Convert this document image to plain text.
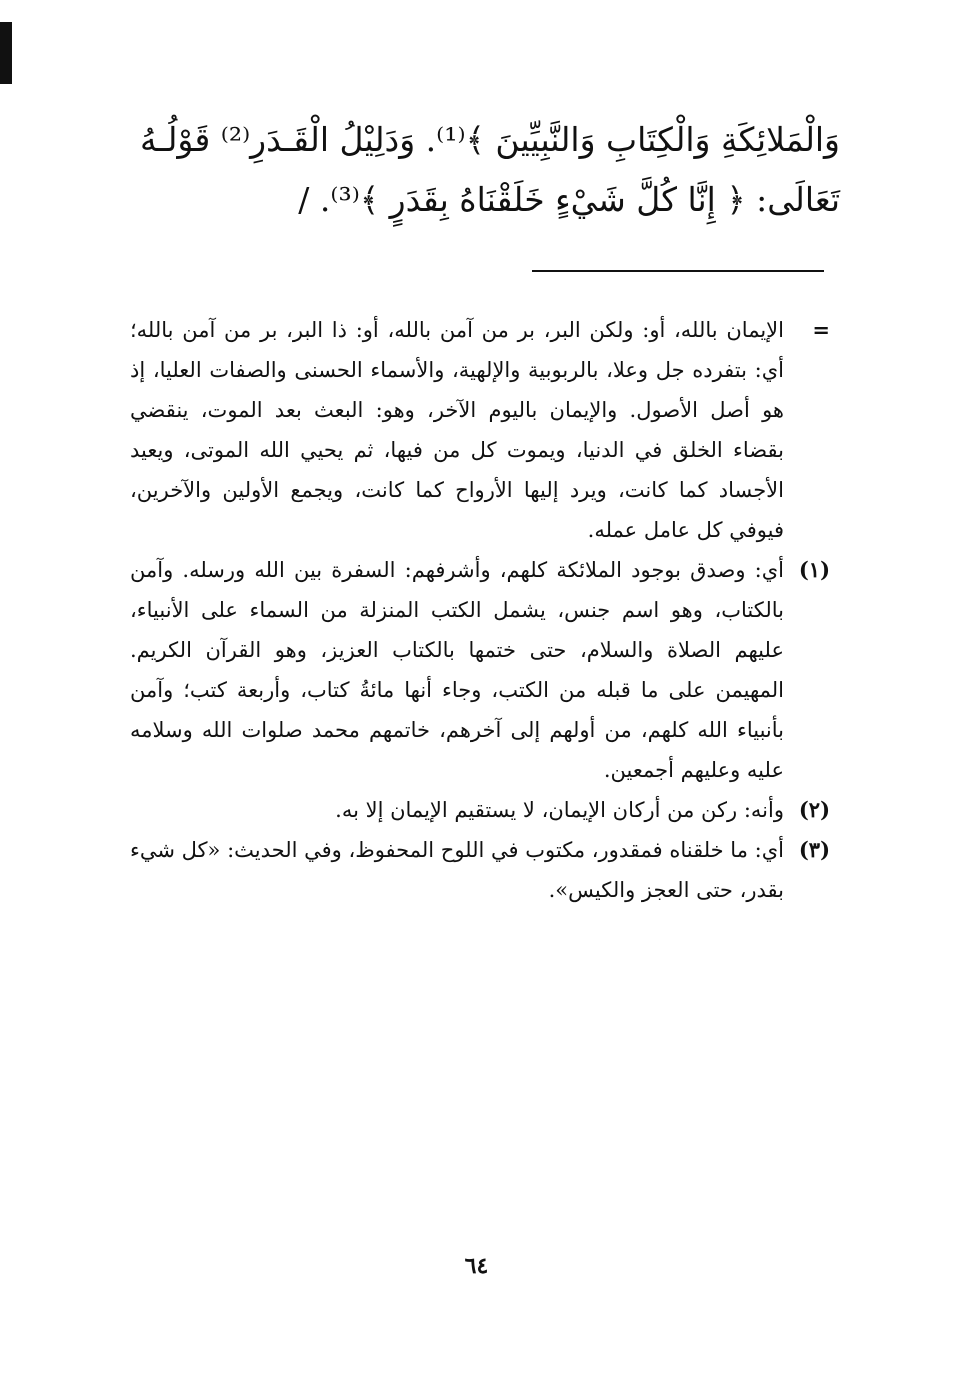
وَالْمَلائِكَةِ وَالْكِتَابِ وَالنَّبِيِّينَ ﴾⁽¹⁾. وَدَلِيْلُ الْقَـدَرِ⁽²⁾ قَوْلُـهُ
تَعَالَى: ﴿ إِنَّا كُلَّ شَيْءٍ خَلَقْنَاهُ بِقَدَرٍ ﴾⁽³⁾. /

=
الإيمان بالله، أو: ولكن البر، بر من آمن بالله، أو: ذا البر، بر من آمن بالله؛ أي: بتفرده جل وعلا، بالربوبية والإلهية، والأسماء الحسنى والصفات العليا، إذ هو أصل الأصول. والإيمان باليوم الآخر، وهو: البعث بعد الموت، ينقضي بقضاء الخلق في الدنيا، ويموت كل من فيها، ثم يحيي الله الموتى، ويعيد الأجساد كما كانت، ويرد إليها الأرواح كما كانت، ويجمع الأولين والآخرين، فيوفي كل عامل عمله.

(١)
أي: وصدق بوجود الملائكة كلهم، وأشرفهم: السفرة بين الله ورسله. وآمن بالكتاب، وهو اسم جنس، يشمل الكتب المنزلة من السماء على الأنبياء، عليهم الصلاة والسلام، حتى ختمها بالكتاب العزيز، وهو القرآن الكريم. المهيمن على ما قبله من الكتب، وجاء أنها مائةُ كتاب، وأربعة كتب؛ وآمن بأنبياء الله كلهم، من أولهم إلى آخرهم، خاتمهم محمد صلوات الله وسلامه عليه وعليهم أجمعين.

(٢)
وأنه: ركن من أركان الإيمان، لا يستقيم الإيمان إلا به.

(٣)
أي: ما خلقناه فمقدور، مكتوب في اللوح المحفوظ، وفي الحديث: «كل شيء بقدر، حتى العجز والكيس».

٦٤
